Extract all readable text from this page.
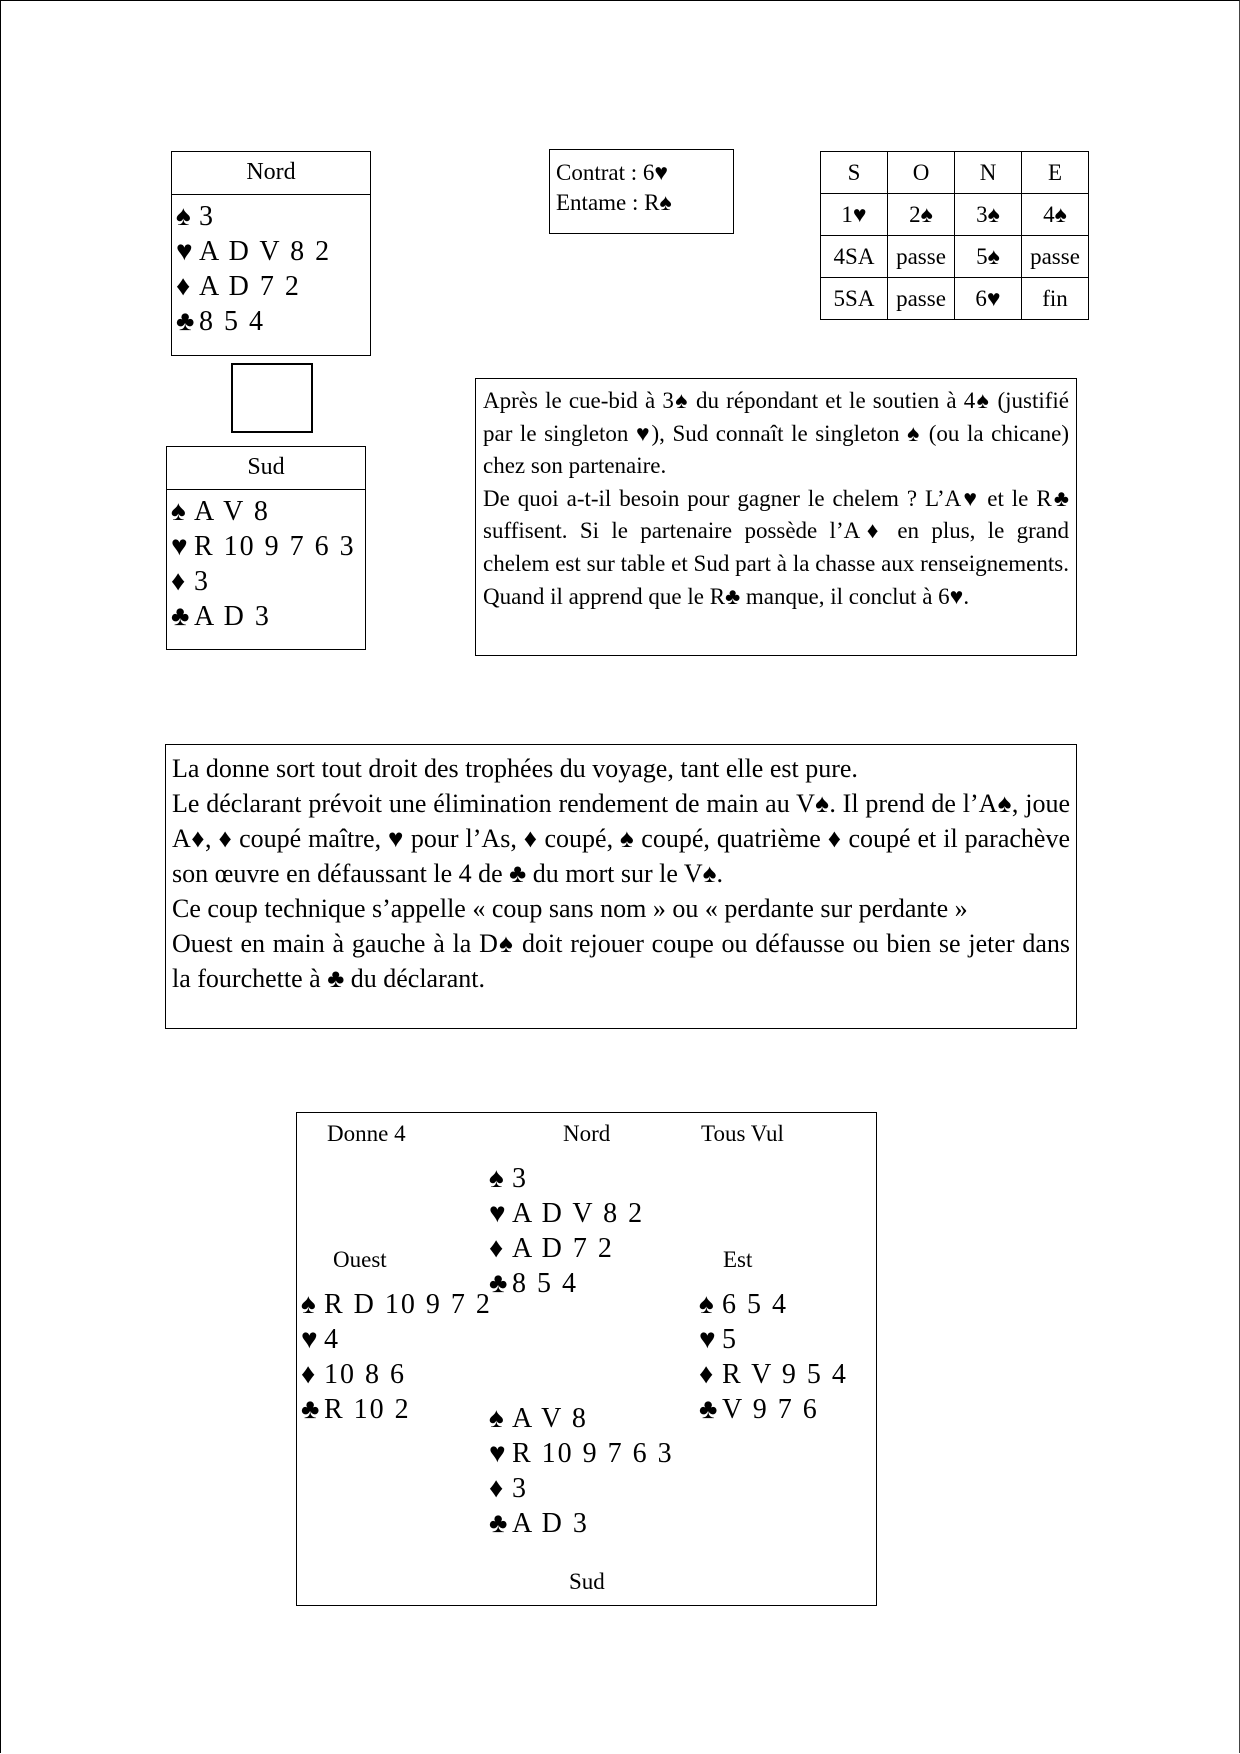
Nord
♠ 3
♥ A D V 8 2
♦ A D 7 2
♣ 8 5 4
Sud
♠ A V 8
♥ R 10 9 7 6 3
♦ 3
♣ A D 3
Contrat : 6♥
Entame : R♠
S	O	N	E
1♥	2♠	3♠	4♠
4SA	passe	5♠	passe
5SA	passe	6♥	fin

Après le cue-bid à 3♠ du répondant et le soutien à 4♠ (justifié par le singleton ♥), Sud connaît le singleton ♠ (ou la chicane) chez son partenaire.

De quoi a-t-il besoin pour gagner le chelem ? L’A♥ et le R♣ suffisent. Si le partenaire possède l’A♦ en plus, le grand chelem est sur table et Sud part à la chasse aux renseignements. Quand il apprend que le R♣ manque, il conclut à 6♥.

La donne sort tout droit des trophées du voyage, tant elle est pure.

Le déclarant prévoit une élimination rendement de main au V♠. Il prend de l’A♠, joue A♦, ♦ coupé maître, ♥ pour l’As, ♦ coupé, ♠ coupé, quatrième ♦ coupé et il parachève son œuvre en défaussant le 4 de ♣ du mort sur le V♠.

Ce coup technique s’appelle « coup sans nom » ou « perdante sur perdante »

Ouest en main à gauche à la D♠ doit rejouer coupe ou défausse ou bien se jeter dans la fourchette à ♣ du déclarant.

Donne 4	Nord	Tous Vul
♠ 3
♥ A D V 8 2
♦ A D 7 2
♣ 8 5 4
Ouest
♠ R D 10 9 7 2
♥ 4
♦ 10 8 6
♣ R 10 2
Est
♠ 6 5 4
♥ 5
♦ R V 9 5 4
♣ V 9 7 6
♠ A V 8
♥ R 10 9 7 6 3
♦ 3
♣ A D 3
Sud
